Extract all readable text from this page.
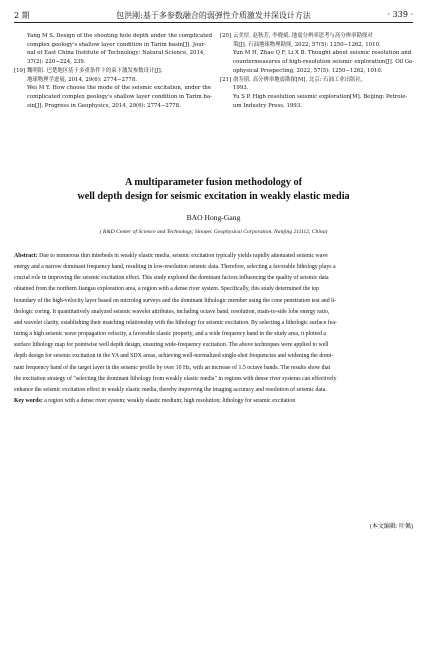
2 期	包洪刚:基于多参数融合的弱弹性介质激发井深设计方法	· 339 ·
Yang M S. Design of the shooting hole depth under the complicated
complex geology's shallow layer condition in Tarim basin[J]. Jour-
nal of East China Institute of Technology: Natural Science, 2014,
37(2): 220−224, 239.
[19] 魏明阳. 巴楚地区基于多重条件下的束下激发参数设计[J].
地球物理学进展, 2014, 29(6): 2774−2778.
Wei M Y. How choose the mode of the seismic excitation, under the
complicated complex geology's shallow layer condition in Tarim ba-
sin[J]. Progress in Geophysics, 2014, 29(6): 2774−2778.
[20] 云美厚, 赵秋芳, 李晓斌. 地震分辨率思考与高分辨率勘探对
策[J]. 石油地球物理勘探, 2022, 57(5): 1250−1262, 1010.
Yun M H, Zhao Q F, Li X B. Thought about seismic resolution and
countermeasures of high-resolution seismic exploration[J]. Oil Ge-
ophysical Prospecting, 2022, 57(5): 1250−1262, 1010.
[21] 俞寿朋. 高分辨率地震勘探[M]. 北京: 石油工业出版社,
1993.
Yu S P. High resolution seismic exploration[M]. Beijing: Petrole-
um Industry Press, 1993.
A multiparameter fusion methodology of
well depth design for seismic excitation in weakly elastic media
BAO Hong-Gang
( R&D Center of Science and Technology, Sinopec Geophysical Corporation, Nanjing 211112, China)
Abstract: Due to numerous thin interbeds in weakly elastic media, seismic excitation typically yields rapidly attenuated seismic wave
energy and a narrow dominant frequency band, resulting in low-resolution seismic data. Therefore, selecting a favorable lithology plays a
crucial role in improving the seismic excitation effect. This study explored the dominant factors influencing the quality of seismic data
obtained from the northern Jiangsu exploration area, a region with a dense river system. Specifically, this study determined the top
boundary of the high-velocity layer based on microlog surveys and the dominant lithologic member using the cone penetration test and li-
thologic coring. It quantitatively analyzed seismic wavelet attributes, including octave band, resolution, main-to-side lobe energy ratio,
and wavelet clarity, establishing their matching relationship with the lithology for seismic excitation. By selecting a lithologic surface fea-
turing a high seismic wave propagation velocity, a favorable elastic property, and a wide frequency band in the study area, it plotted a
surface lithology map for pointwise well depth design, ensuring wide-frequency excitation. The above techniques were applied to well
depth design for seismic excitation in the YA and SDX areas, achieving well-normalized single-shot frequencies and widening the domi-
nant frequency band of the target layer in the seismic profile by over 10 Hz, with an increase of 1.5 octave bands. The results show that
the excitation strategy of "selecting the dominant lithology from weakly elastic media" in regions with dense river systems can effectively
enhance the seismic excitation effect in weakly elastic media, thereby improving the imaging accuracy and resolution of seismic data.
Key words: a region with a dense river system; weakly elastic medium; high resolution; lithology for seismic excitation
(本文编辑: 叶佩)
